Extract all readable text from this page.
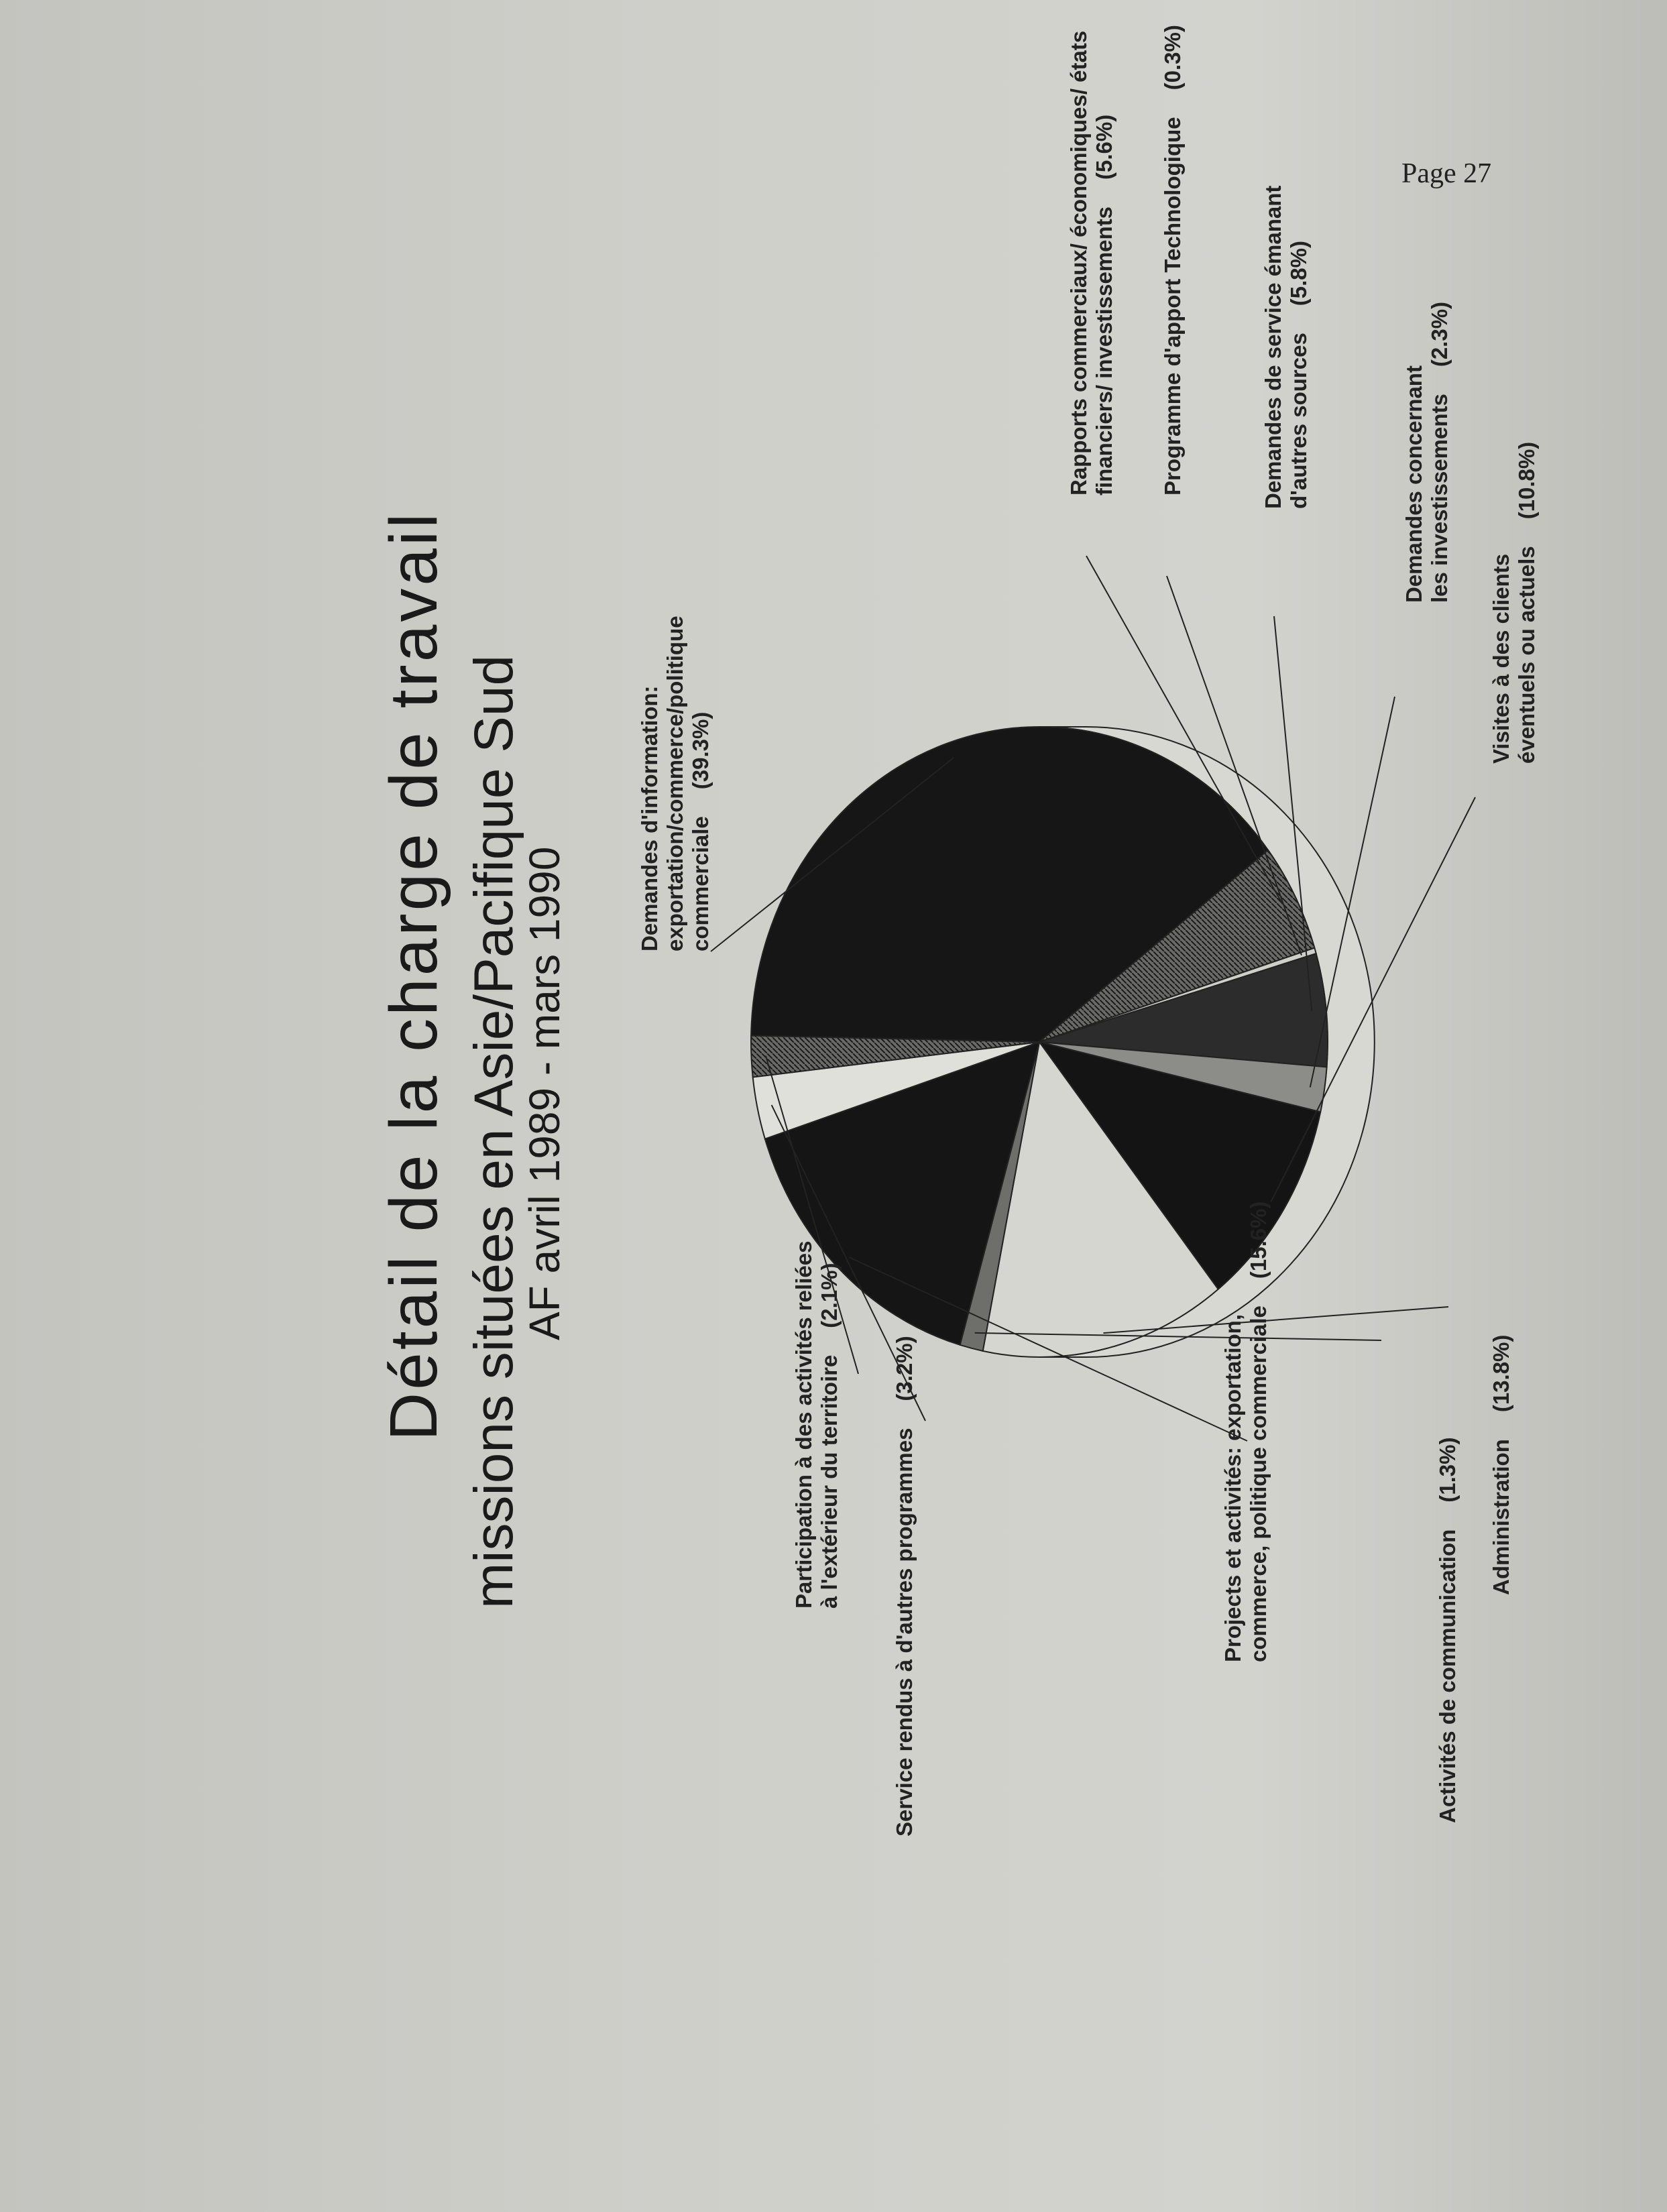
Page 27
Détail de la charge de travail missions situées en Asie/Pacifique Sud
AF avril 1989 - mars 1990
Demandes d'information: exportation/commerce/politique commerciale(39.3%)
Rapports commerciaux/ économiques/ états financiers/ investissements(5.6%) Programme d'apport Technologique(0.3%)
Demandes de service émanant d'autres sources(5.8%)
Demandes concernant les investissements(2.3%)
Visites à des clients éventuels ou actuels(10.8%)
Administration(13.8%)
Activités de communication(1.3%)
Projects et activités: exportation, commerce, politique commerciale(15.6%)
Service rendus à d'autres programmes(3.2%)
Participation à des activités reliées à l'extérieur du territoire(2.1%)
